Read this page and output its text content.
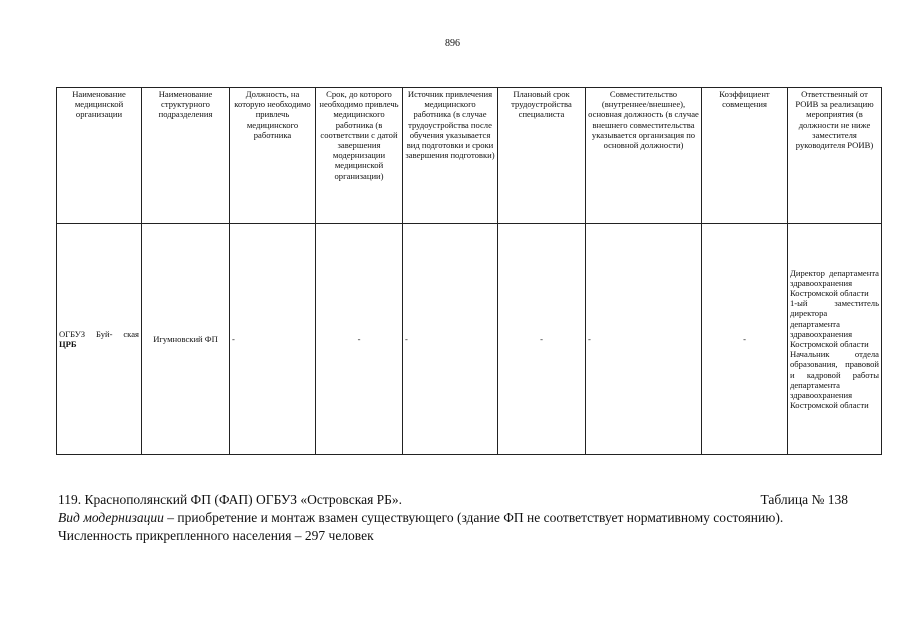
896
Наименование медицинской организации	Наименование структурного подразделения	Должность, на которую необходимо привлечь медицинского работника	Срок, до которого необходимо привлечь медицинского работника (в соответствии с датой завершения модернизации медицинской организации)	Источник привлечения медицинского работника (в случае трудоустройства после обучения указывается вид подготовки и сроки завершения подготовки)	Плановый срок трудоустройства специалиста	Совместительство (внутреннее/внешнее), основная должность (в случае внешнего совместительства указывается организация по основной должности)	Коэффициент совмещения	Ответственный от РОИВ за реализацию мероприятия (в должности не ниже заместителя руководителя РОИВ)
ОГБУЗ Буй- ская ЦРБ	Игумновский ФП	-	-	-	-	-	-	Директор департамента здравоохранения Костромской области
1-ый заместитель директора департамента здравоохранения Костромской области
Начальник отдела образования, правовой и кадровой работы департамента здравоохранения Костромской области
119. Краснополянский ФП (ФАП) ОГБУЗ «Островская РБ».	Таблица № 138

Вид модернизации – приобретение и монтаж взамен существующего (здание ФП не соответствует нормативному состоянию).

Численность прикрепленного населения – 297 человек
